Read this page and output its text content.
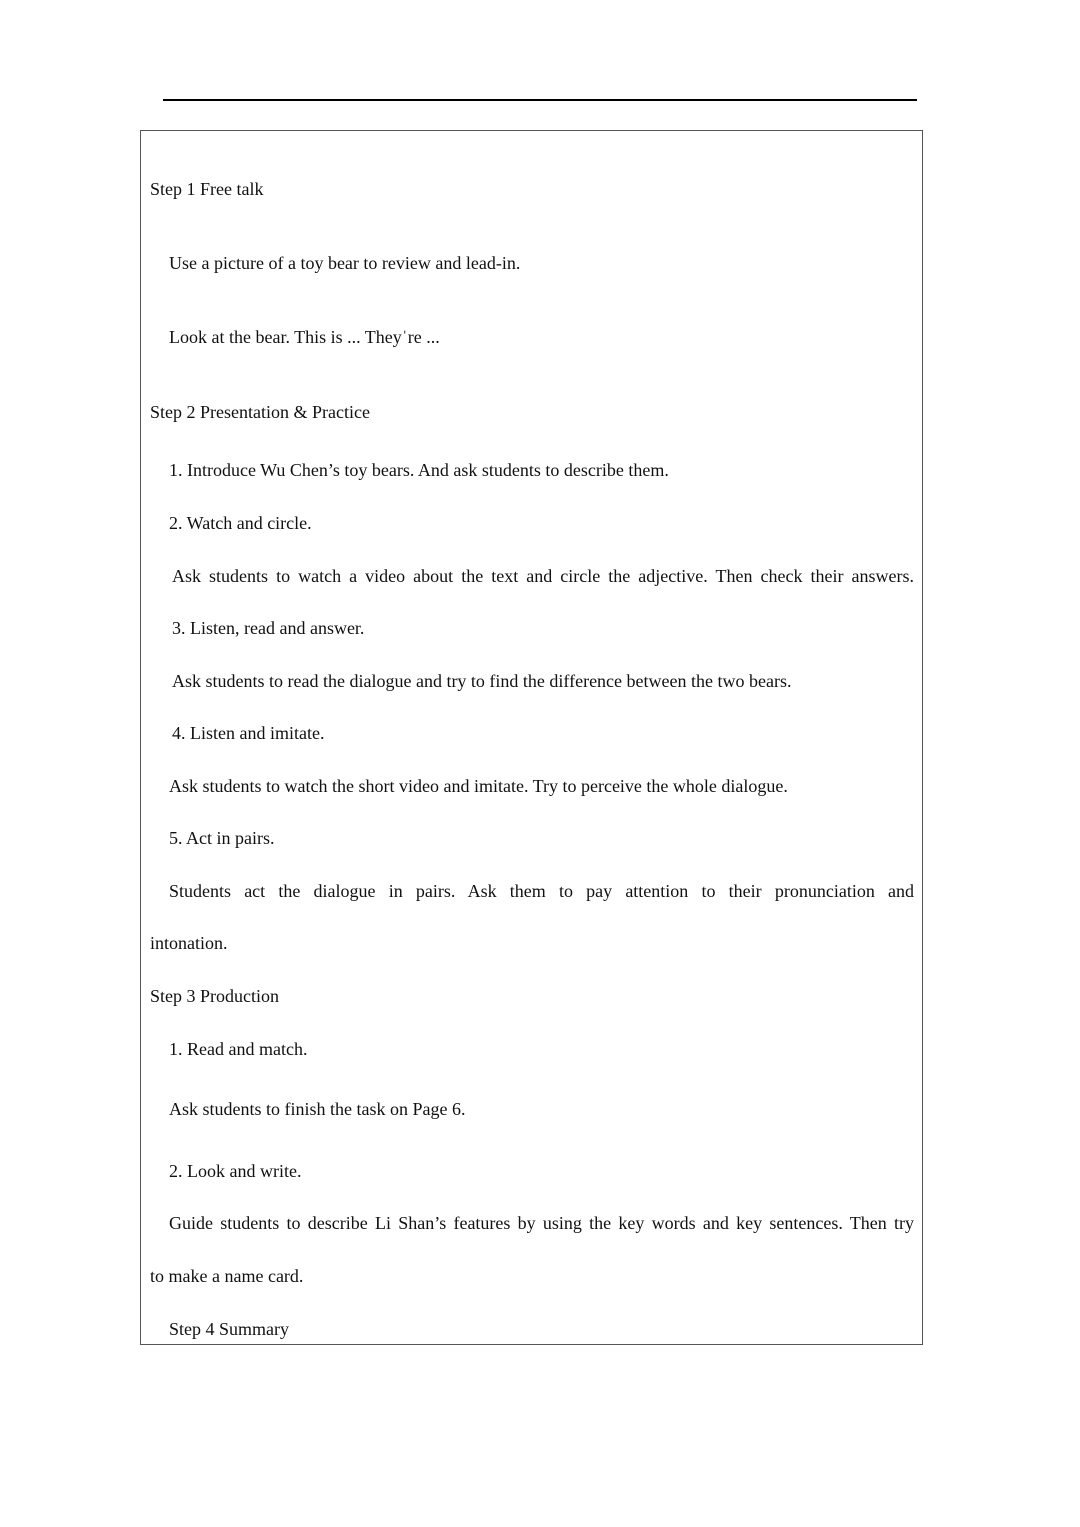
Step 1 Free talk
Use a picture of a toy bear to review and lead-in.
Look at the bear. This is ... Theyˈre ...
Step 2 Presentation & Practice
1. Introduce Wu Chen’s toy bears. And ask students to describe them.
2. Watch and circle.
Ask students to watch a video about the text and circle the adjective. Then check their answers.
3. Listen, read and answer.
Ask students to read the dialogue and try to find the difference between the two bears.
4. Listen and imitate.
Ask students to watch the short video and imitate. Try to perceive the whole dialogue.
5. Act in pairs.
Students act the dialogue in pairs. Ask them to pay attention to their pronunciation and
intonation.
Step 3 Production
1. Read and match.
Ask students to finish the task on Page 6.
2. Look and write.
Guide students to describe Li Shan’s features by using the key words and key sentences. Then try
to make a name card.
Step 4 Summary
